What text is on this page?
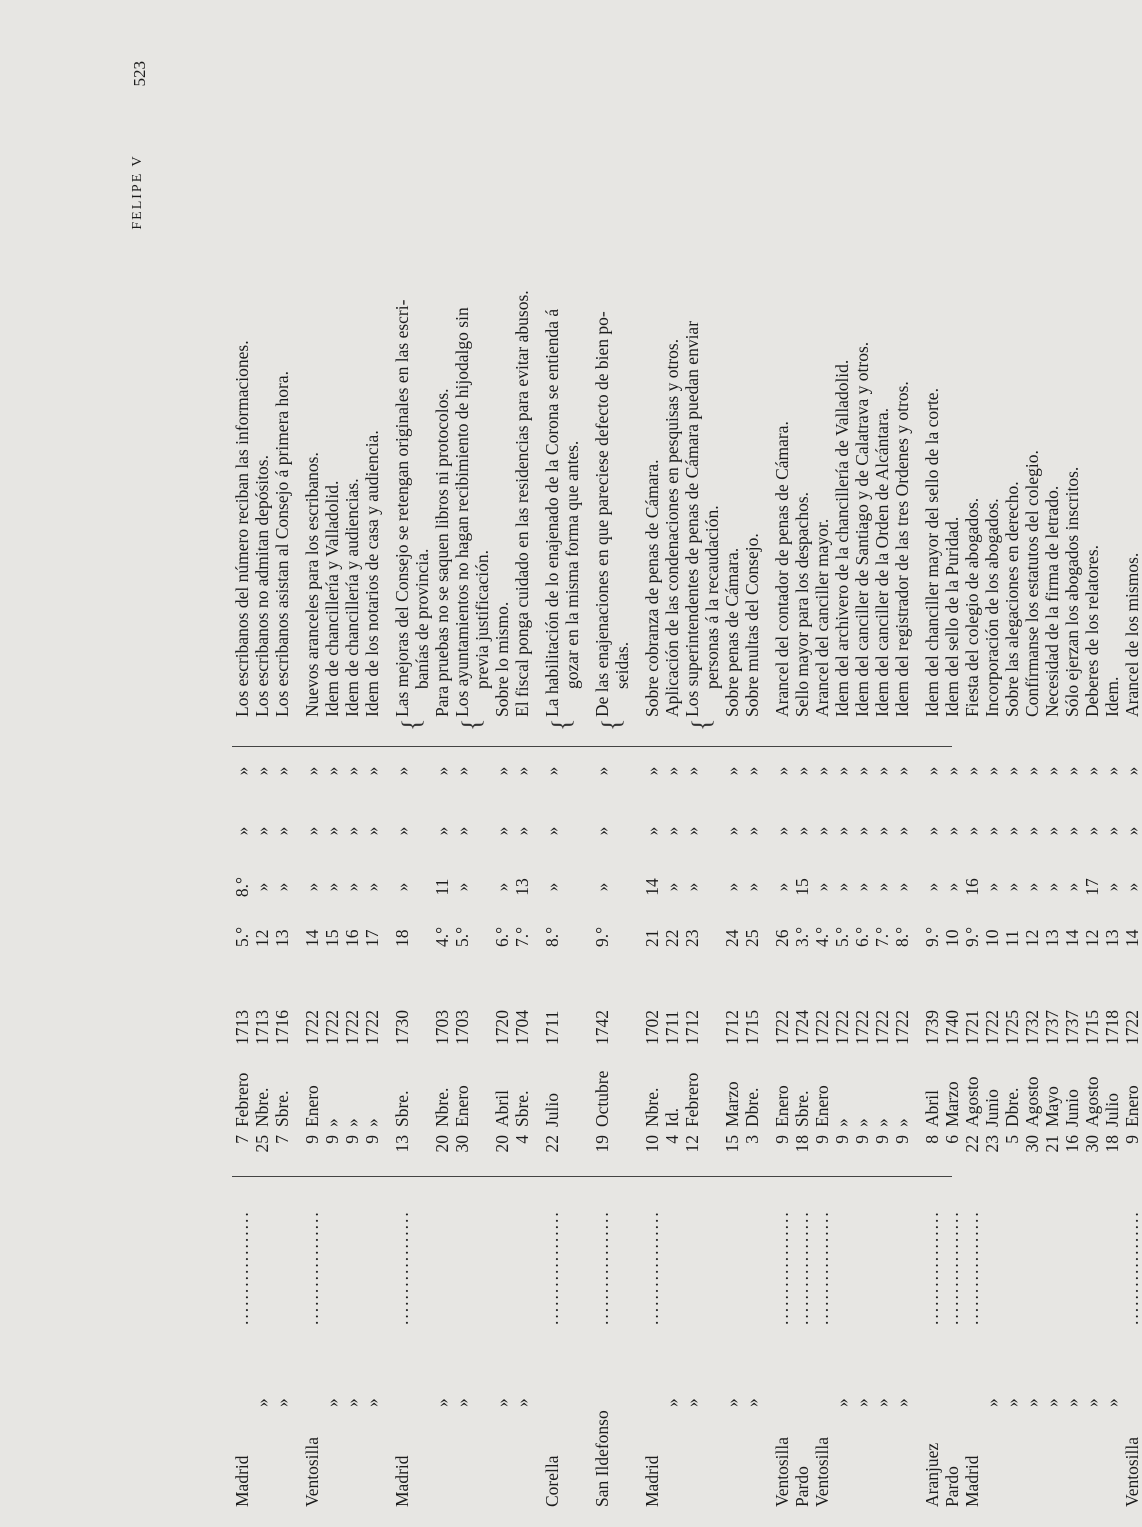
FELIPE V
523
Madrid
7
Febrero
1713
5.°
8.°
»
»
Los escribanos del número reciban las informaciones.
..................
»
25
Nbre.
1713
12
»
»
»
Los escribanos no admitan depósitos.
»
7
Sbre.
1716
13
»
»
»
Los escribanos asistan al Consejo á primera hora.
Ventosilla
9
Enero
1722
14
»
»
»
Nuevos aranceles para los escribanos.
..................
»
9
»
1722
15
»
»
»
Idem de chancillería y Valladolid.
»
9
»
1722
16
»
»
»
Idem de chancillería y audiencias.
»
9
»
1722
17
»
»
»
Idem de los notarios de casa y audiencia.
Madrid
13
Sbre.
1730
18
»
»
»
Las mejoras del Consejo se retengan originales en las escri-
..................
{
banías de provincia.
»
20
Nbre.
1703
4.°
11
»
»
Para pruebas no se saquen libros ni protocolos.
»
30
Enero
1703
5.°
»
»
»
Los ayuntamientos no hagan recibimiento de hijodalgo sin
{
previa justificación.
»
20
Abril
1720
6.°
»
»
»
Sobre lo mismo.
»
4
Sbre.
1704
7.°
13
»
»
El fiscal ponga cuidado en las residencias para evitar abusos.
Corella
22
Julio
1711
8.°
»
»
»
La habilitación de lo enajenado de la Corona se entienda á
..................
{
gozar en la misma forma que antes.
San Ildefonso
19
Octubre
1742
9.°
»
»
»
De las enajenaciones en que pareciese defecto de bien po-
..................
{
seidas.
Madrid
10
Nbre.
1702
21
14
»
»
Sobre cobranza de penas de Cámara.
..................
»
4
Id.
1711
22
»
»
»
Aplicación de las condenaciones en pesquisas y otros.
»
12
Febrero
1712
23
»
»
»
Los superintendentes de penas de Cámara puedan enviar
{
personas á la recaudación.
»
15
Marzo
1712
24
»
»
»
Sobre penas de Cámara.
»
3
Dbre.
1715
25
»
»
»
Sobre multas del Consejo.
Ventosilla
9
Enero
1722
26
»
»
»
Arancel del contador de penas de Cámara.
..................
Pardo
18
Sbre.
1724
3.°
15
»
»
Sello mayor para los despachos.
..................
Ventosilla
9
Enero
1722
4.°
»
»
»
Arancel del canciller mayor.
..................
»
9
»
1722
5.°
»
»
»
Idem del archivero de la chancillería de Valladolid.
»
9
»
1722
6.°
»
»
»
Idem del canciller de Santiago y de Calatrava y otros.
»
9
»
1722
7.°
»
»
»
Idem del canciller de la Orden de Alcántara.
»
9
»
1722
8.°
»
»
»
Idem del registrador de las tres Ordenes y otros.
Aranjuez
8
Abril
1739
9.°
»
»
»
Idem del chanciller mayor del sello de la corte.
..................
Pardo
6
Marzo
1740
10
»
»
»
Idem del sello de la Puridad.
..................
Madrid
22
Agosto
1721
9.°
16
»
»
Fiesta del colegio de abogados.
..................
»
23
Junio
1722
10
»
»
»
Incorporación de los abogados.
»
5
Dbre.
1725
11
»
»
»
Sobre las alegaciones en derecho.
»
30
Agosto
1732
12
»
»
»
Confírmanse los estatutos del colegio.
»
21
Mayo
1737
13
»
»
»
Necesidad de la firma de letrado.
»
16
Junio
1737
14
»
»
»
Sólo ejerzan los abogados inscritos.
»
30
Agosto
1715
12
17
»
»
Deberes de los relatores.
»
18
Julio
1718
13
»
»
»
Idem.
Ventosilla
9
Enero
1722
14
»
»
»
Arancel de los mismos.
..................
